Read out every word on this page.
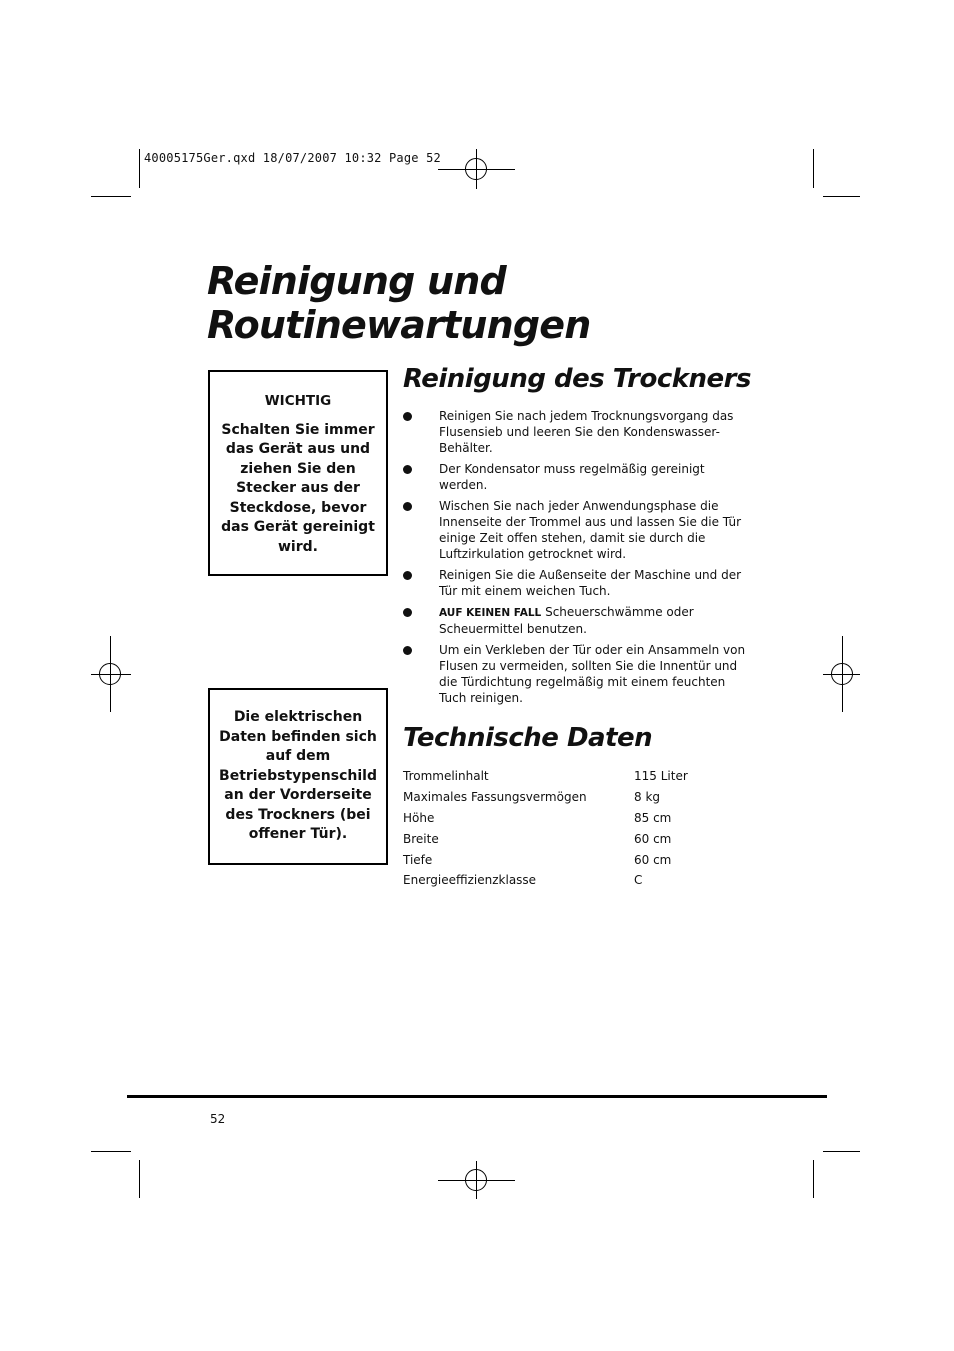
40005175Ger.qxd 18/07/2007 10:32 Page 52
Reinigung und
Routinewartungen

WICHTIG

Schalten Sie immer das Gerät aus und ziehen Sie den Stecker aus der Steckdose, bevor das Gerät gereinigt wird.

Die elektrischen Daten befinden sich auf dem Betriebstypenschild an der Vorderseite des Trockners (bei offener Tür).

Reinigung des Trockners
Reinigen Sie nach jedem Trocknungsvorgang das Flusensieb und leeren Sie den Kondenswasser-Behälter.
Der Kondensator muss regelmäßig gereinigt werden.
Wischen Sie nach jeder Anwendungsphase die Innenseite der Trommel aus und lassen Sie die Tür einige Zeit offen stehen, damit sie durch die Luftzirkulation getrocknet wird.
Reinigen Sie die Außenseite der Maschine und der Tür mit einem weichen Tuch.
AUF KEINEN FALL Scheuerschwämme oder Scheuermittel benutzen.
Um ein Verkleben der Tür oder ein Ansammeln von Flusen zu vermeiden, sollten Sie die Innentür und die Türdichtung regelmäßig mit einem feuchten Tuch reinigen.
Technische Daten
Trommelinhalt	115 Liter
Maximales Fassungsvermögen	8 kg
Höhe	85 cm
Breite	60 cm
Tiefe	60 cm
Energieeffizienzklasse	C
52
